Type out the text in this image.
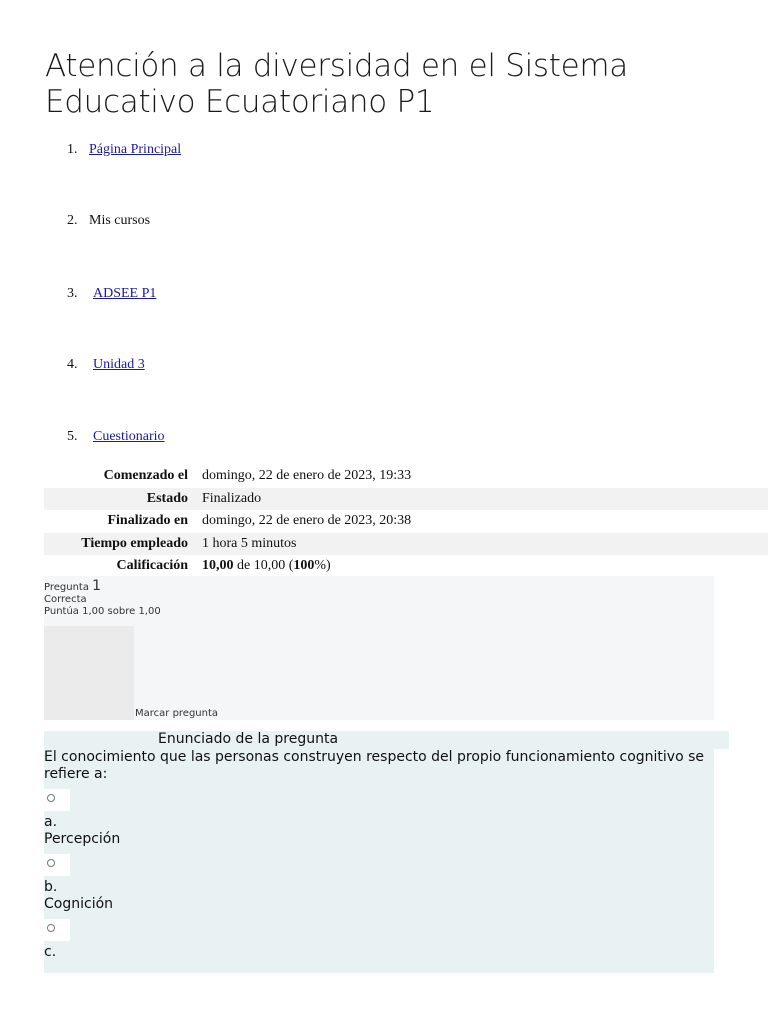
Atención a la diversidad en el Sistema
Educativo Ecuatoriano P1
1. Página Principal
2. Mis cursos
3. ADSEE P1
4. Unidad 3
5. Cuestionario
Comenzado el	domingo, 22 de enero de 2023, 19:33
Estado	Finalizado
Finalizado en	domingo, 22 de enero de 2023, 20:38
Tiempo empleado	1 hora 5 minutos
Calificación	10,00 de 10,00 (100%)
Pregunta 1
Correcta
Puntúa 1,00 sobre 1,00
Marcar pregunta
Enunciado de la pregunta
El conocimiento que las personas construyen respecto del propio funcionamiento cognitivo se refiere a:
a.
Percepción
b.
Cognición
c.
